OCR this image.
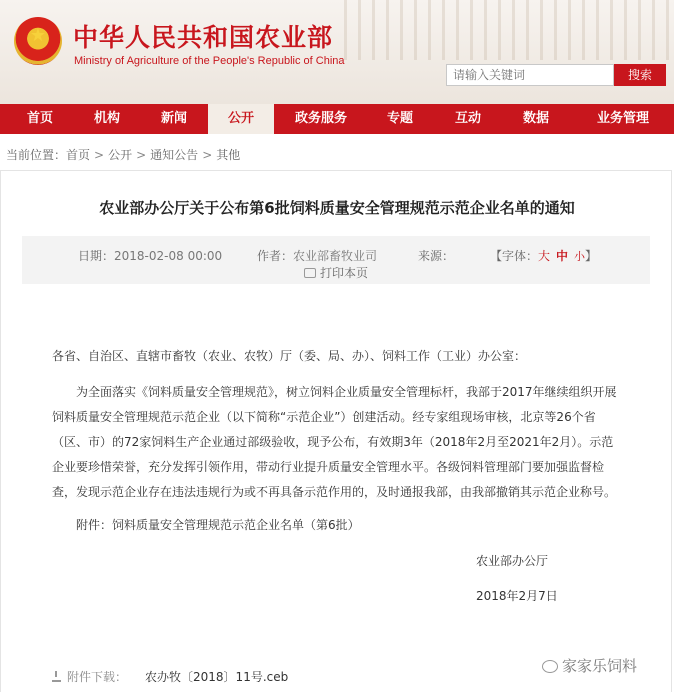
★	中华人民共和国农业部
Ministry of Agriculture of the People's Republic of China
请输入关键词
搜索
首页	机构	新闻	公开	政务服务	专题	互动	数据	业务管理
当前位置：首页 > 公开 > 通知公告 > 其他
农业部办公厅关于公布第6批饲料质量安全管理规范示范企业名单的通知
日期：2018-02-08 00:00	作者：农业部畜牧业司	来源：	【字体：大 中 小】
打印本页
各省、自治区、直辖市畜牧（农业、农牧）厅（委、局、办）、饲料工作（工业）办公室：
为全面落实《饲料质量安全管理规范》，树立饲料企业质量安全管理标杆，我部于2017年继续组织开展
饲料质量安全管理规范示范企业（以下简称“示范企业”）创建活动。经专家组现场审核，北京等26个省
（区、市）的72家饲料生产企业通过部级验收，现予公布，有效期3年（2018年2月至2021年2月）。示范
企业要珍惜荣誉，充分发挥引领作用，带动行业提升质量安全管理水平。各级饲料管理部门要加强监督检
查，发现示范企业存在违法违规行为或不再具备示范作用的，及时通报我部，由我部撤销其示范企业称号。
附件：饲料质量安全管理规范示范企业名单（第6批）
农业部办公厅
2018年2月7日
附件下载： 农办牧〔2018〕11号.ceb
家家乐饲料
